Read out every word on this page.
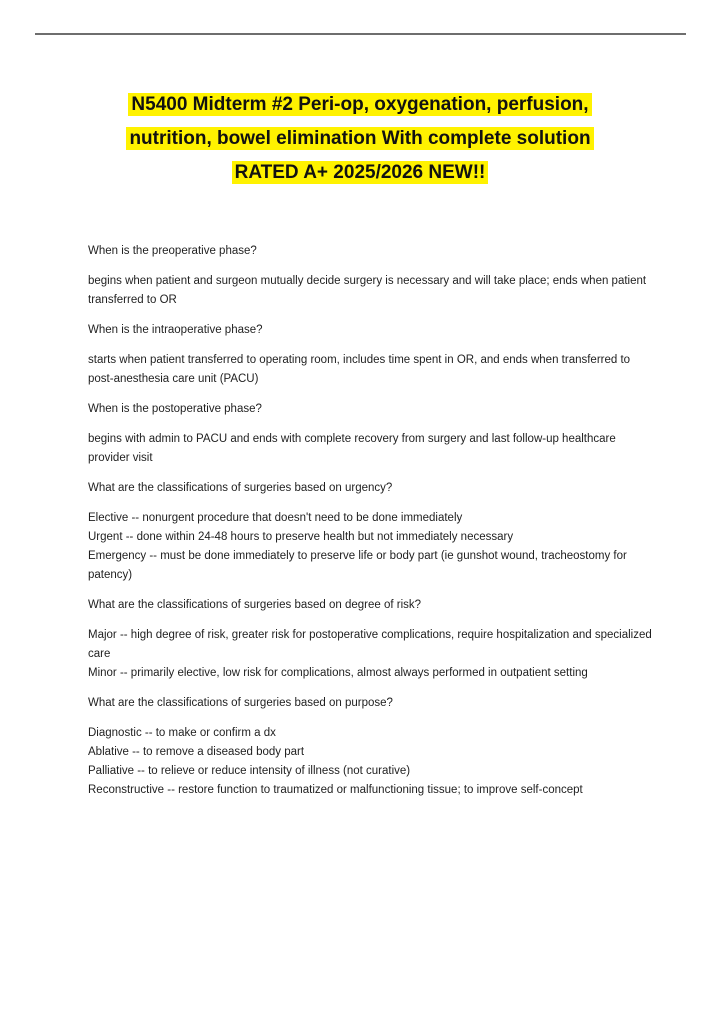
N5400 Midterm #2 Peri-op, oxygenation, perfusion,
nutrition, bowel elimination With complete solution
RATED A+ 2025/2026 NEW!!

When is the preoperative phase?

begins when patient and surgeon mutually decide surgery is necessary and will take place; ends when patient transferred to OR

When is the intraoperative phase?

starts when patient transferred to operating room, includes time spent in OR, and ends when transferred to post-anesthesia care unit (PACU)

When is the postoperative phase?

begins with admin to PACU and ends with complete recovery from surgery and last follow-up healthcare provider visit

What are the classifications of surgeries based on urgency?

Elective -- nonurgent procedure that doesn't need to be done immediately
Urgent -- done within 24-48 hours to preserve health but not immediately necessary
Emergency -- must be done immediately to preserve life or body part (ie gunshot wound, tracheostomy for patency)

What are the classifications of surgeries based on degree of risk?

Major -- high degree of risk, greater risk for postoperative complications, require hospitalization and specialized care
Minor -- primarily elective, low risk for complications, almost always performed in outpatient setting

What are the classifications of surgeries based on purpose?

Diagnostic -- to make or confirm a dx
Ablative -- to remove a diseased body part
Palliative -- to relieve or reduce intensity of illness (not curative)
Reconstructive -- restore function to traumatized or malfunctioning tissue; to improve self-concept
